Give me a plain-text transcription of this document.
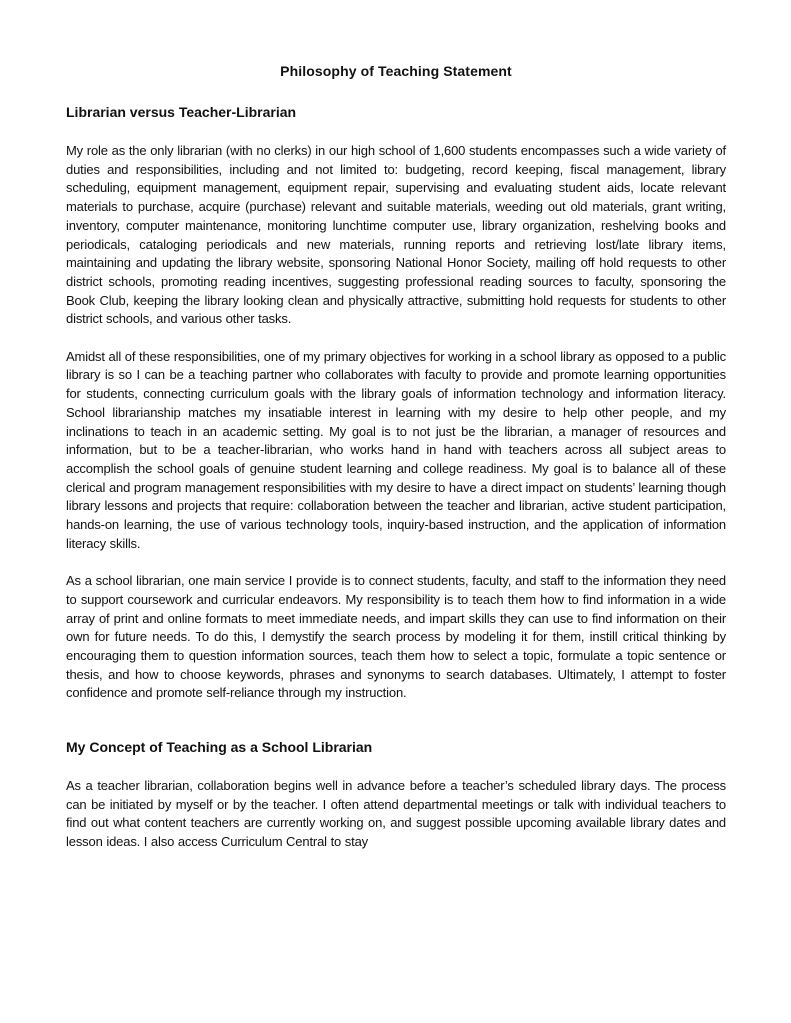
Philosophy of Teaching Statement
Librarian versus Teacher-Librarian

My role as the only librarian (with no clerks) in our high school of 1,600 students encompasses such a wide variety of duties and responsibilities, including and not limited to: budgeting, record keeping, fiscal management, library scheduling, equipment management, equipment repair, supervising and evaluating student aids, locate relevant materials to purchase, acquire (purchase) relevant and suitable materials, weeding out old materials, grant writing, inventory, computer maintenance, monitoring lunchtime computer use, library organization, reshelving books and periodicals, cataloging periodicals and new materials, running reports and retrieving lost/late library items, maintaining and updating the library website, sponsoring National Honor Society, mailing off hold requests to other district schools, promoting reading incentives, suggesting professional reading sources to faculty, sponsoring the Book Club, keeping the library looking clean and physically attractive, submitting hold requests for students to other district schools, and various other tasks.

Amidst all of these responsibilities, one of my primary objectives for working in a school library as opposed to a public library is so I can be a teaching partner who collaborates with faculty to provide and promote learning opportunities for students, connecting curriculum goals with the library goals of information technology and information literacy. School librarianship matches my insatiable interest in learning with my desire to help other people, and my inclinations to teach in an academic setting. My goal is to not just be the librarian, a manager of resources and information, but to be a teacher-librarian, who works hand in hand with teachers across all subject areas to accomplish the school goals of genuine student learning and college readiness. My goal is to balance all of these clerical and program management responsibilities with my desire to have a direct impact on students’ learning though library lessons and projects that require: collaboration between the teacher and librarian, active student participation, hands-on learning, the use of various technology tools, inquiry-based instruction, and the application of information literacy skills.

As a school librarian, one main service I provide is to connect students, faculty, and staff to the information they need to support coursework and curricular endeavors. My responsibility is to teach them how to find information in a wide array of print and online formats to meet immediate needs, and impart skills they can use to find information on their own for future needs. To do this, I demystify the search process by modeling it for them, instill critical thinking by encouraging them to question information sources, teach them how to select a topic, formulate a topic sentence or thesis, and how to choose keywords, phrases and synonyms to search databases. Ultimately, I attempt to foster confidence and promote self-reliance through my instruction.

My Concept of Teaching as a School Librarian

As a teacher librarian, collaboration begins well in advance before a teacher’s scheduled library days. The process can be initiated by myself or by the teacher. I often attend departmental meetings or talk with individual teachers to find out what content teachers are currently working on, and suggest possible upcoming available library dates and lesson ideas. I also access Curriculum Central to stay
